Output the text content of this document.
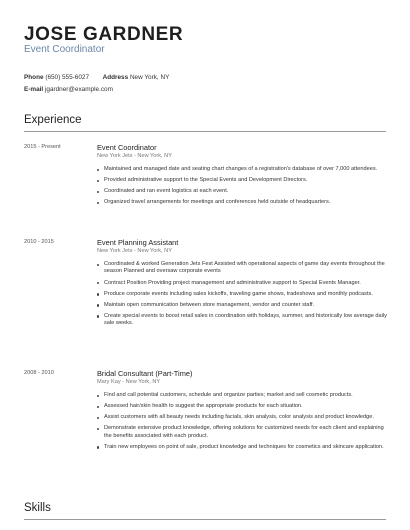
JOSE GARDNER
Event Coordinator
Phone (650) 555-6027 Address New York, NY
E-mail jgardner@example.com
Experience
2015 - Present	Event Coordinator
New York Jets - New York, NY
Maintained and managed date and seating chart changes of a registration's database of over 7,000 attendees.
Provided administrative support to the Special Events and Development Directors.
Coordinated and ran event logistics at each event.
Organized travel arrangements for meetings and conferences held outside of headquarters.
2010 - 2015	Event Planning Assistant
New York Jets - New York, NY
Coordinated & worked Generation Jets Fest Assisted with operational aspects of game day events throughout the season Planned and oversaw corporate events
Contract Position Providing project management and administrative support to Special Events Manager.
Produce corporate events including sales kickoffs, traveling game shows, tradeshows and monthly podcasts.
Maintain open communication between store management, vendor and counter staff.
Create special events to boost retail sales in coordination with holidays, summer, and historically low average daily sale weeks.
2008 - 2010	Bridal Consultant (Part-Time)
Mary Kay - New York, NY
Find and call potential customers, schedule and organize parties; market and sell cosmetic products.
Assessed hair/skin health to suggest the appropriate products for each situation.
Assist customers with all beauty needs including facials, skin analysis, color analysis and product knowledge.
Demonstrate extensive product knowledge, offering solutions for customized needs for each client and explaining the benefits associated with each product.
Train new employees on point of sale, product knowledge and techniques for cosmetics and skincare application.
Skills
